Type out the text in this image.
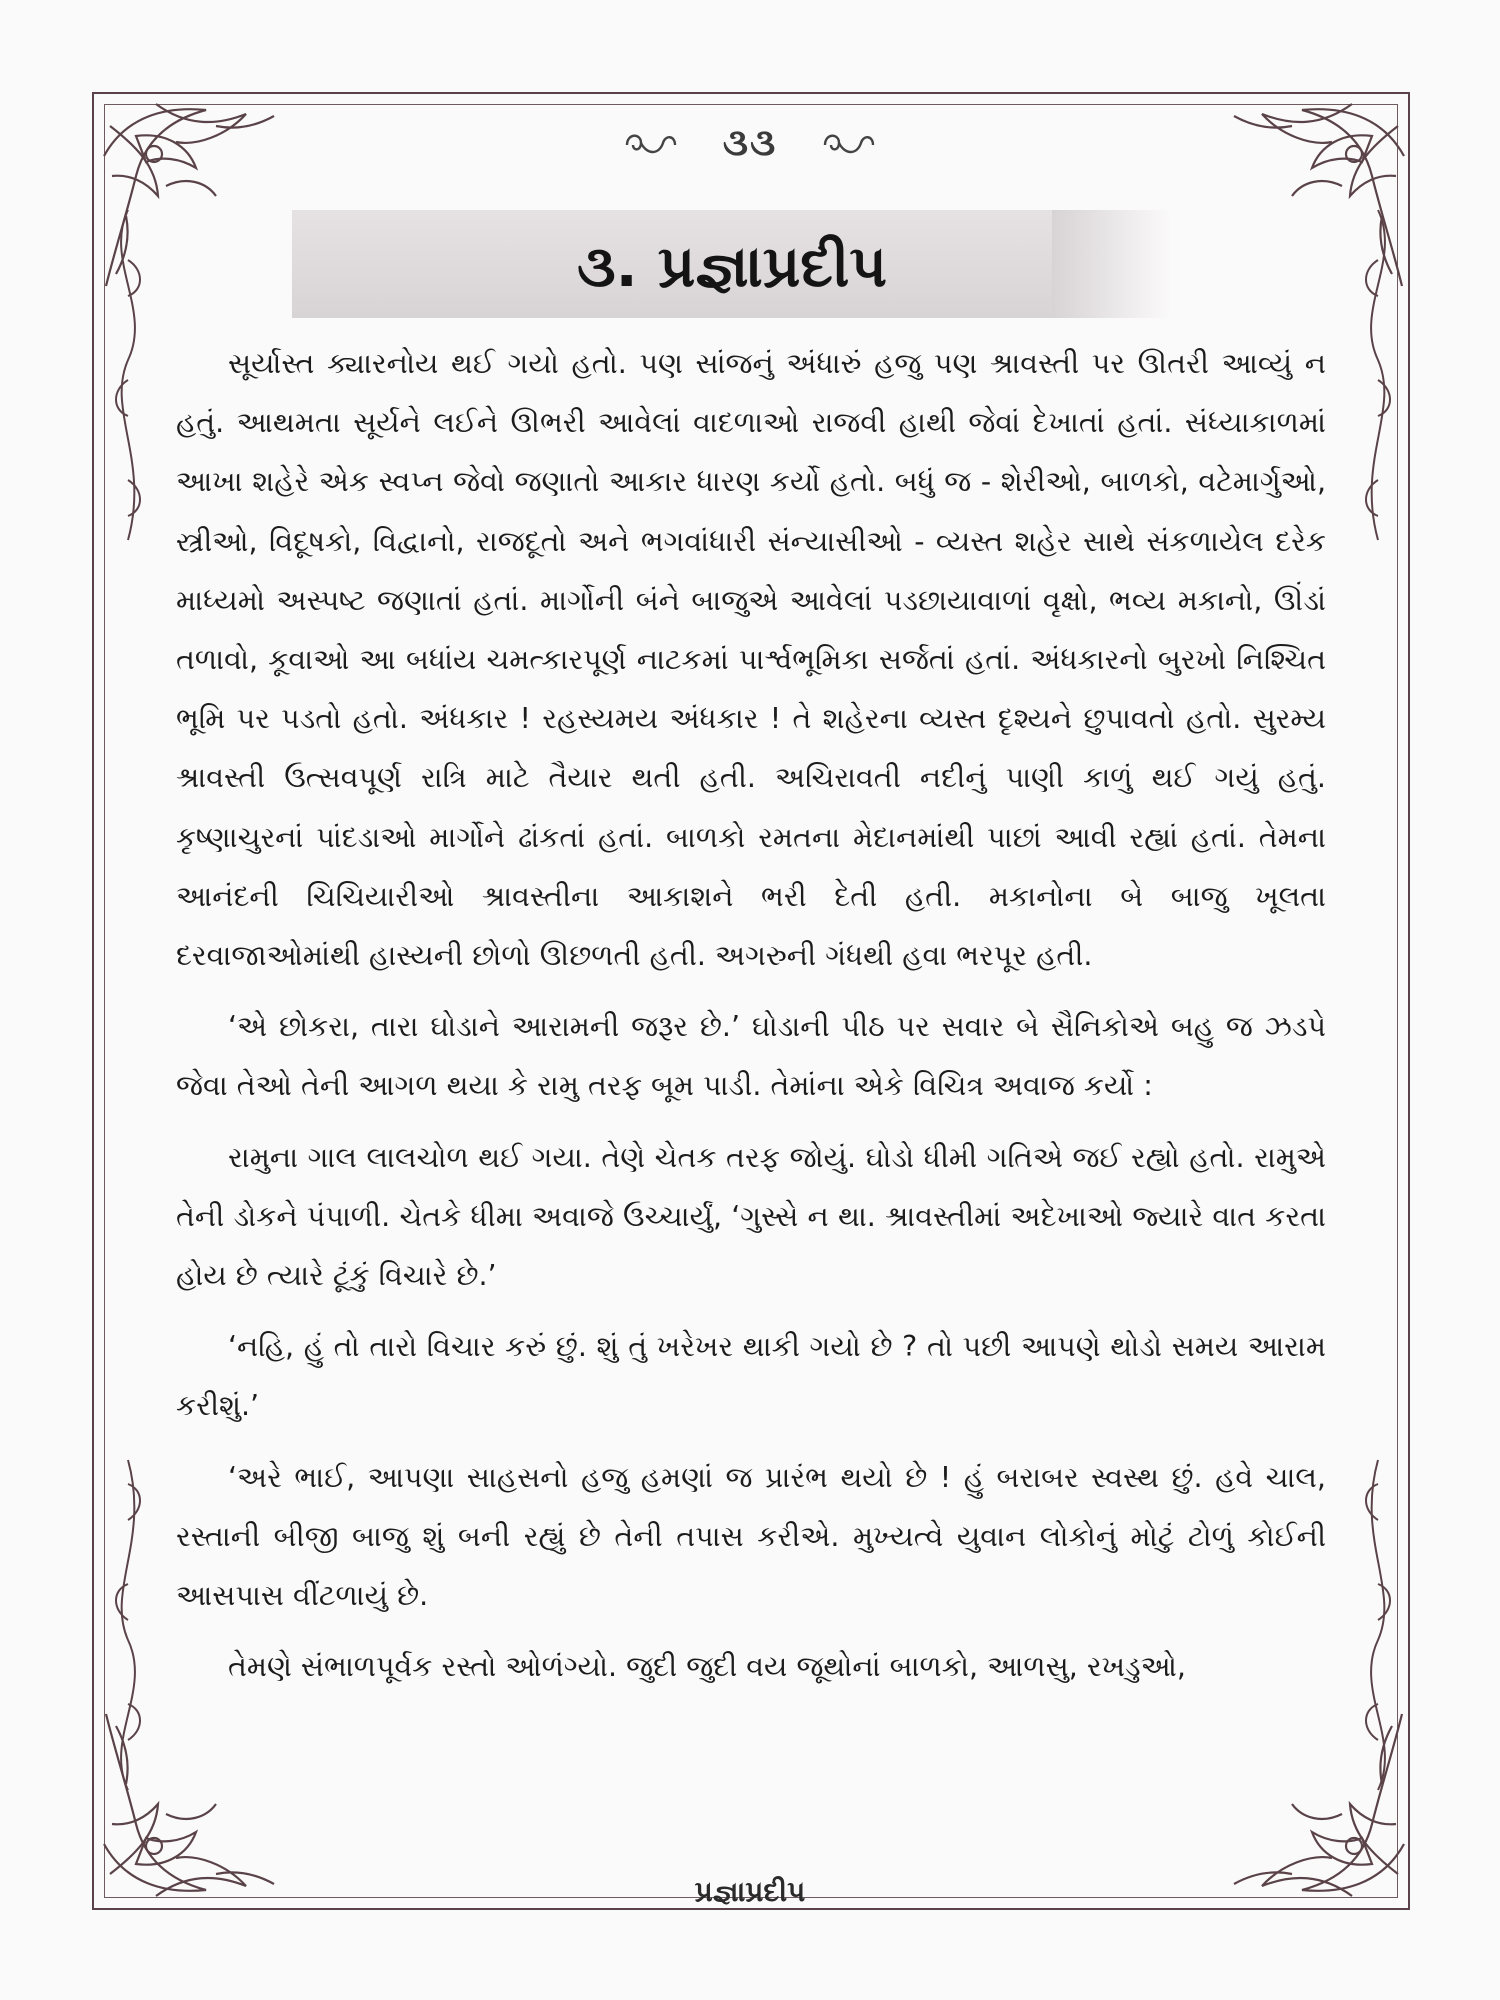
૩૩
૩. પ્રજ્ઞાપ્રદીપ

સૂર્યાસ્ત ક્યારનોય થઈ ગયો હતો. પણ સાંજનું અંધારું હજુ પણ શ્રાવસ્તી પર ઊતરી આવ્યું ન હતું. આથમતા સૂર્યને લઈને ઊભરી આવેલાં વાદળાઓ રાજવી હાથી જેવાં દેખાતાં હતાં. સંધ્યાકાળમાં આખા શહેરે એક સ્વપ્ન જેવો જણાતો આકાર ધારણ કર્યો હતો. બધું જ - શેરીઓ, બાળકો, વટેમાર્ગુઓ, સ્ત્રીઓ, વિદૂષકો, વિદ્વાનો, રાજદૂતો અને ભગવાંધારી સંન્યાસીઓ - વ્યસ્ત શહેર સાથે સંકળાયેલ દરેક માધ્યમો અસ્પષ્ટ જણાતાં હતાં. માર્ગોની બંને બાજુએ આવેલાં પડછાયાવાળાં વૃક્ષો, ભવ્ય મકાનો, ઊંડાં તળાવો, કૂવાઓ આ બધાંય ચમત્કારપૂર્ણ નાટકમાં પાર્શ્વભૂમિકા સર્જતાં હતાં. અંધકારનો બુરખો નિશ્ચિત ભૂમિ પર પડતો હતો. અંધકાર ! રહસ્યમય અંધકાર ! તે શહેરના વ્યસ્ત દૃશ્યને છુપાવતો હતો. સુરમ્ય શ્રાવસ્તી ઉત્સવપૂર્ણ રાત્રિ માટે તૈયાર થતી હતી. અચિરાવતી નદીનું પાણી કાળું થઈ ગયું હતું. કૃષ્ણાચુરનાં પાંદડાઓ માર્ગોને ઢાંકતાં હતાં. બાળકો રમતના મેદાનમાંથી પાછાં આવી રહ્યાં હતાં. તેમના આનંદની ચિચિયારીઓ શ્રાવસ્તીના આકાશને ભરી દેતી હતી. મકાનોના બે બાજુ ખૂલતા દરવાજાઓમાંથી હાસ્યની છોળો ઊછળતી હતી. અગરુની ગંધથી હવા ભરપૂર હતી.

‘એ છોકરા, તારા ઘોડાને આરામની જરૂર છે.’ ઘોડાની પીઠ પર સવાર બે સૈનિકોએ બહુ જ ઝડપે જેવા તેઓ તેની આગળ થયા કે રામુ તરફ બૂમ પાડી. તેમાંના એકે વિચિત્ર અવાજ કર્યો :

રામુના ગાલ લાલચોળ થઈ ગયા. તેણે ચેતક તરફ જોયું. ઘોડો ધીમી ગતિએ જઈ રહ્યો હતો. રામુએ તેની ડોકને પંપાળી. ચેતકે ધીમા અવાજે ઉચ્ચાર્યું, ‘ગુસ્સે ન થા. શ્રાવસ્તીમાં અદેખાઓ જ્યારે વાત કરતા હોય છે ત્યારે ટૂંકું વિચારે છે.’

‘નહિ, હું તો તારો વિચાર કરું છું. શું તું ખરેખર થાકી ગયો છે ? તો પછી આપણે થોડો સમય આરામ કરીશું.’

‘અરે ભાઈ, આપણા સાહસનો હજુ હમણાં જ પ્રારંભ થયો છે ! હું બરાબર સ્વસ્થ છું. હવે ચાલ, રસ્તાની બીજી બાજુ શું બની રહ્યું છે તેની તપાસ કરીએ. મુખ્યત્વે યુવાન લોકોનું મોટું ટોળું કોઈની આસપાસ વીંટળાયું છે.

તેમણે સંભાળપૂર્વક રસ્તો ઓળંગ્યો. જુદી જુદી વય જૂથોનાં બાળકો, આળસુ, રખડુઓ,

પ્રજ્ઞાપ્રદીપ
